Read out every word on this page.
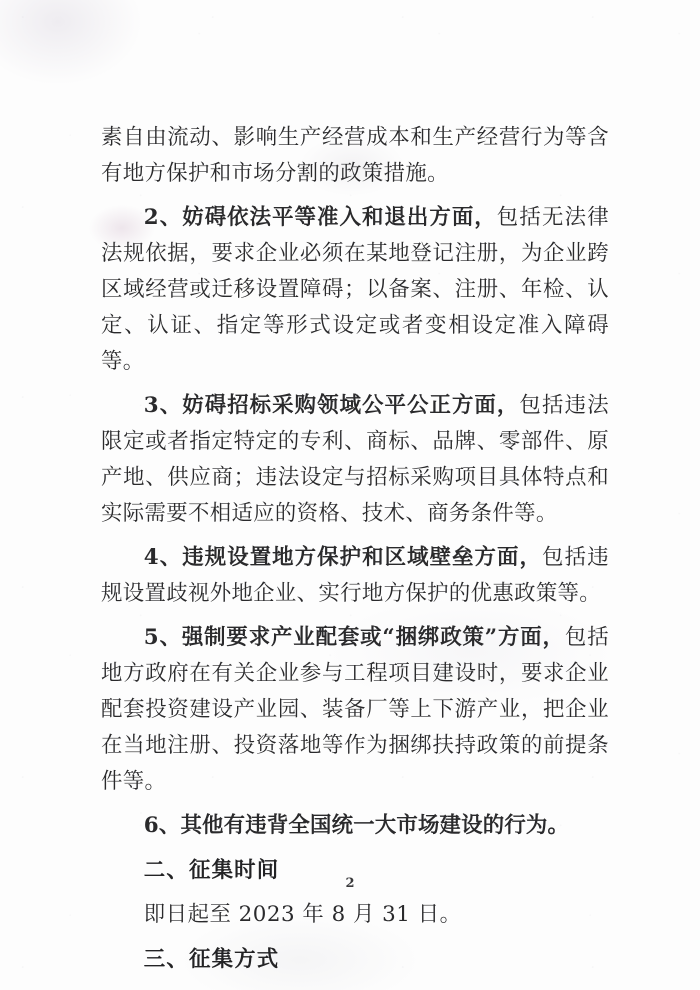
素自由流动、影响生产经营成本和生产经营行为等含有地方保护和市场分割的政策措施。

2、妨碍依法平等准入和退出方面，包括无法律法规依据，要求企业必须在某地登记注册，为企业跨区域经营或迁移设置障碍；以备案、注册、年检、认定、认证、指定等形式设定或者变相设定准入障碍等。

3、妨碍招标采购领域公平公正方面，包括违法限定或者指定特定的专利、商标、品牌、零部件、原产地、供应商；违法设定与招标采购项目具体特点和实际需要不相适应的资格、技术、商务条件等。

4、违规设置地方保护和区域壁垒方面，包括违规设置歧视外地企业、实行地方保护的优惠政策等。

5、强制要求产业配套或“捆绑政策”方面，包括地方政府在有关企业参与工程项目建设时，要求企业配套投资建设产业园、装备厂等上下游产业，把企业在当地注册、投资落地等作为捆绑扶持政策的前提条件等。

6、其他有违背全国统一大市场建设的行为。

二、征集时间

即日起至 2023 年 8 月 31 日。

三、征集方式

2
